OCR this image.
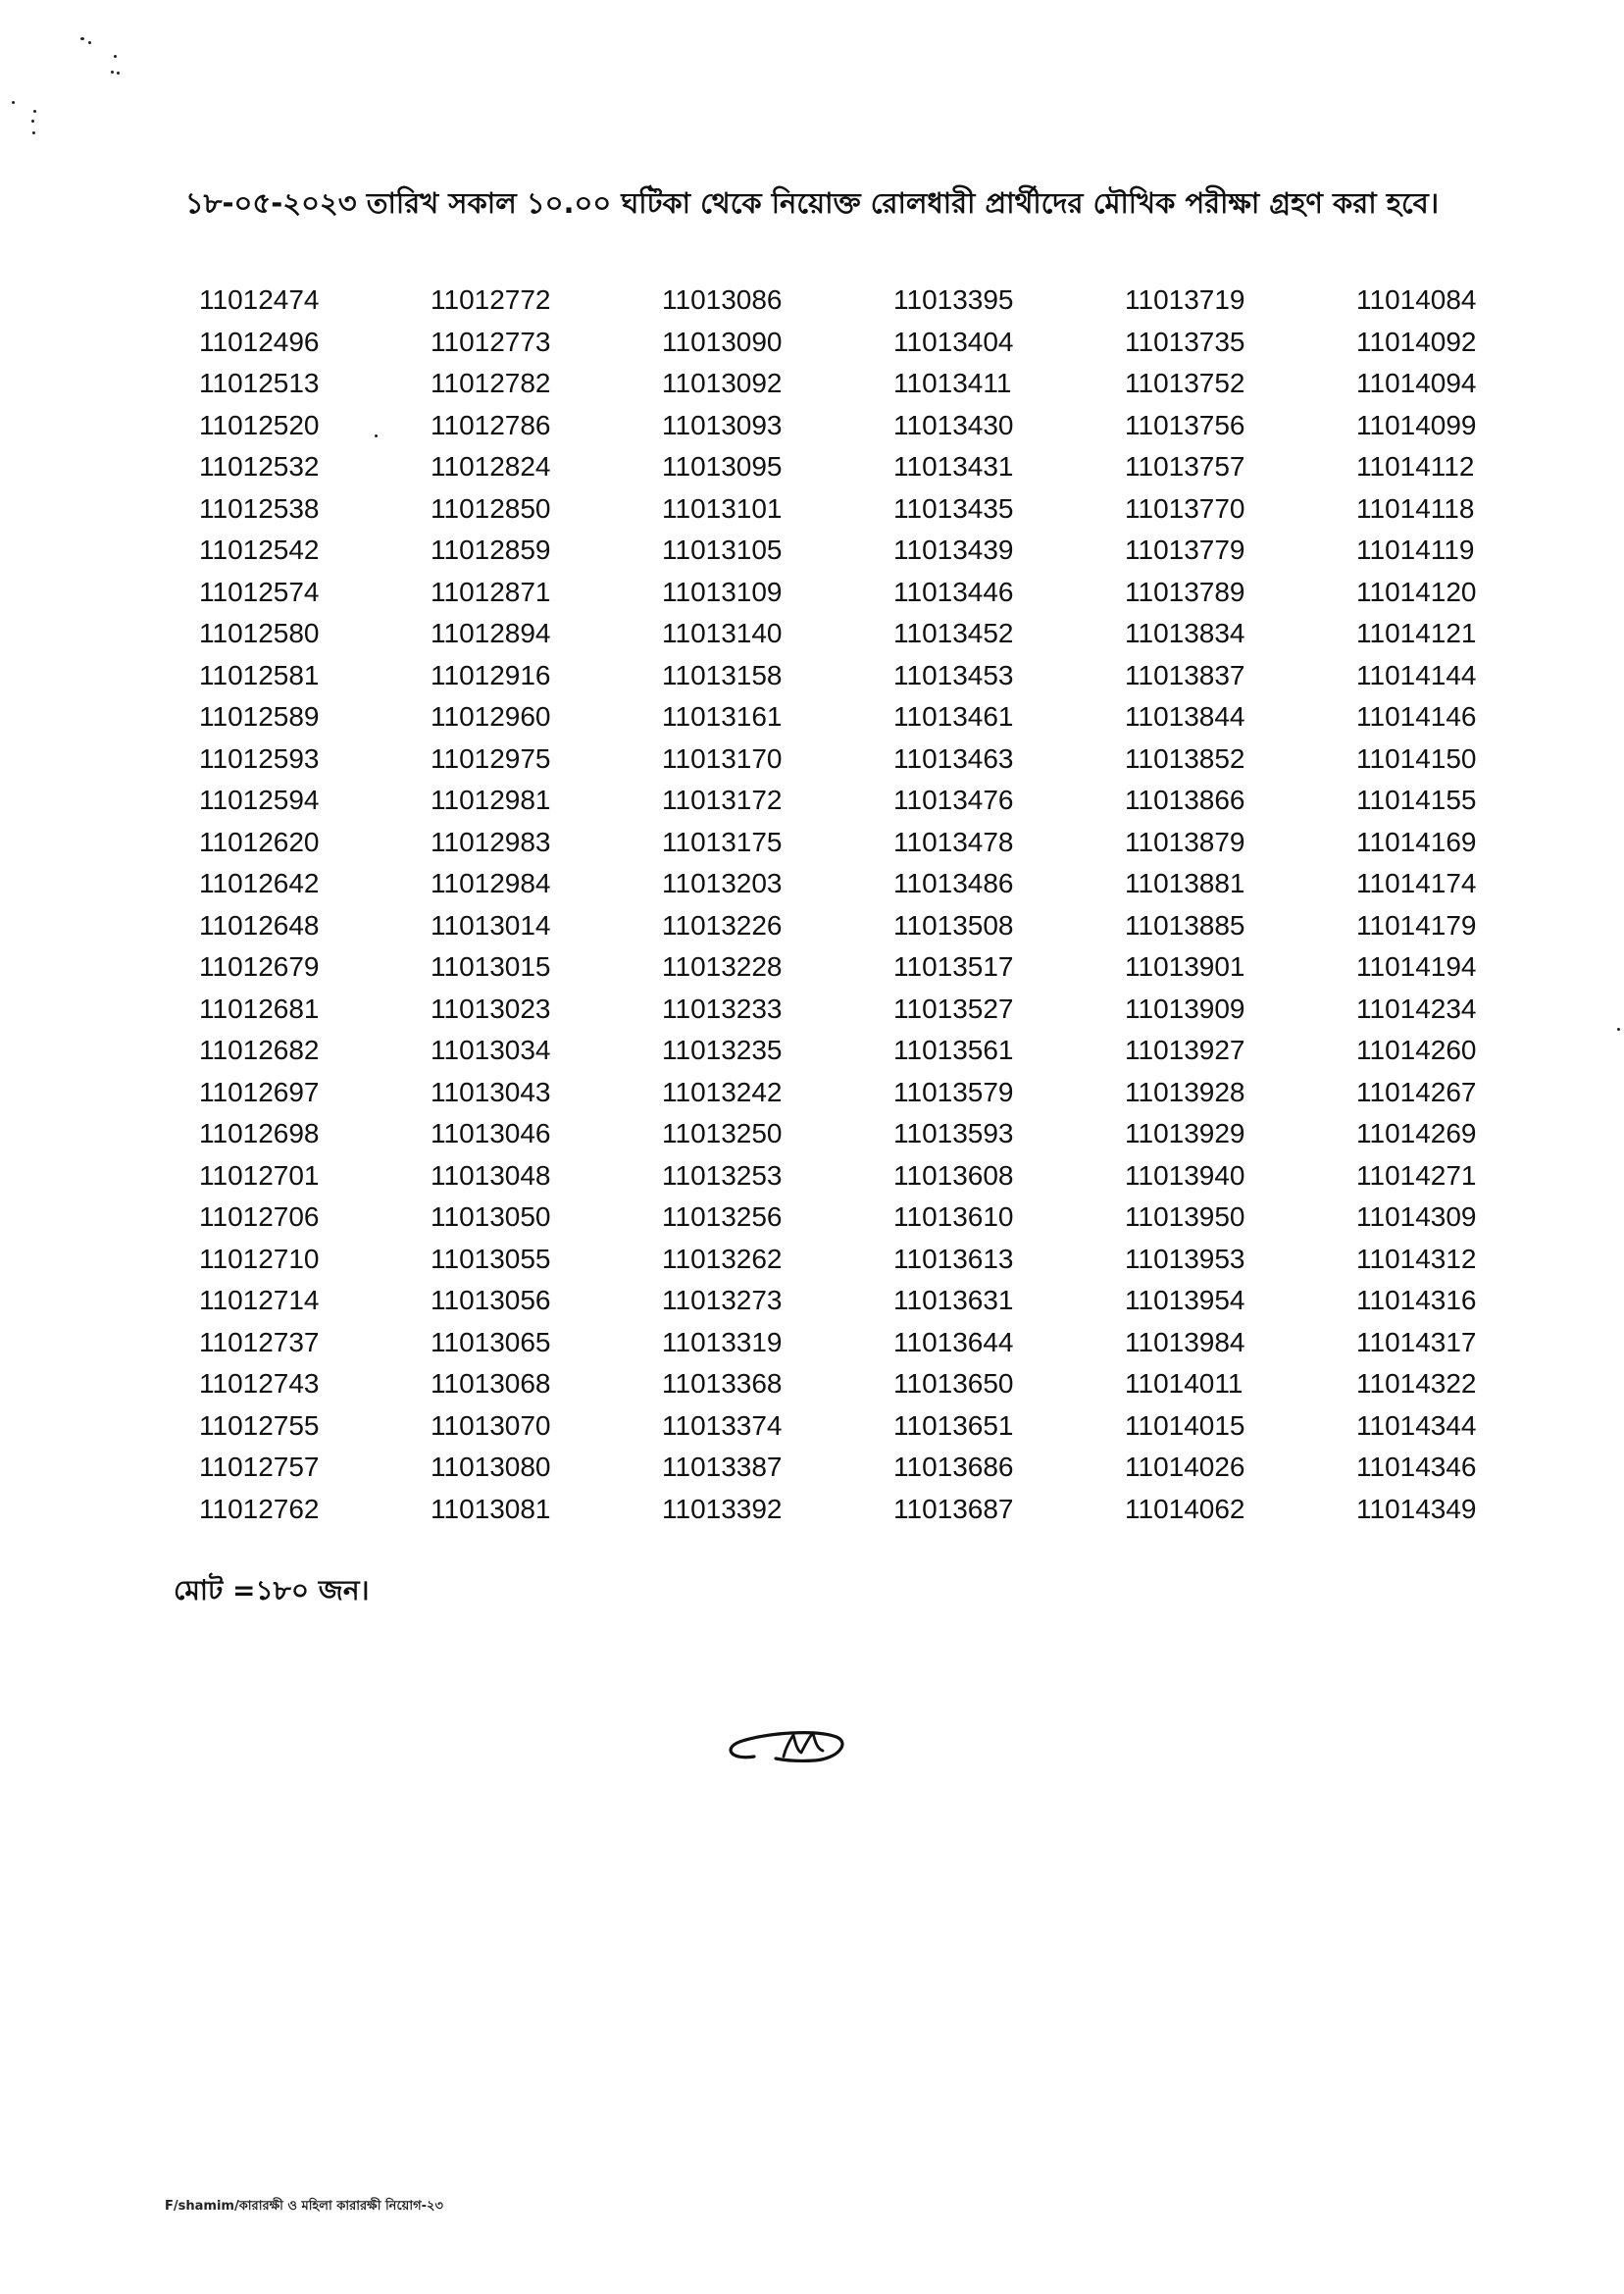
১৮-০৫-২০২৩ তারিখ সকাল ১০.০০ ঘটিকা থেকে নিয়োক্ত রোলধারী প্রার্থীদের মৌখিক পরীক্ষা গ্রহণ করা হবে।
11012474	11012772	11013086	11013395	11013719	11014084
11012496	11012773	11013090	11013404	11013735	11014092
11012513	11012782	11013092	11013411	11013752	11014094
11012520	11012786	11013093	11013430	11013756	11014099
11012532	11012824	11013095	11013431	11013757	11014112
11012538	11012850	11013101	11013435	11013770	11014118
11012542	11012859	11013105	11013439	11013779	11014119
11012574	11012871	11013109	11013446	11013789	11014120
11012580	11012894	11013140	11013452	11013834	11014121
11012581	11012916	11013158	11013453	11013837	11014144
11012589	11012960	11013161	11013461	11013844	11014146
11012593	11012975	11013170	11013463	11013852	11014150
11012594	11012981	11013172	11013476	11013866	11014155
11012620	11012983	11013175	11013478	11013879	11014169
11012642	11012984	11013203	11013486	11013881	11014174
11012648	11013014	11013226	11013508	11013885	11014179
11012679	11013015	11013228	11013517	11013901	11014194
11012681	11013023	11013233	11013527	11013909	11014234
11012682	11013034	11013235	11013561	11013927	11014260
11012697	11013043	11013242	11013579	11013928	11014267
11012698	11013046	11013250	11013593	11013929	11014269
11012701	11013048	11013253	11013608	11013940	11014271
11012706	11013050	11013256	11013610	11013950	11014309
11012710	11013055	11013262	11013613	11013953	11014312
11012714	11013056	11013273	11013631	11013954	11014316
11012737	11013065	11013319	11013644	11013984	11014317
11012743	11013068	11013368	11013650	11014011	11014322
11012755	11013070	11013374	11013651	11014015	11014344
11012757	11013080	11013387	11013686	11014026	11014346
11012762	11013081	11013392	11013687	11014062	11014349
মোট =১৮০ জন।
F/shamim/কারারক্ষী ও মহিলা কারারক্ষী নিয়োগ-২৩
